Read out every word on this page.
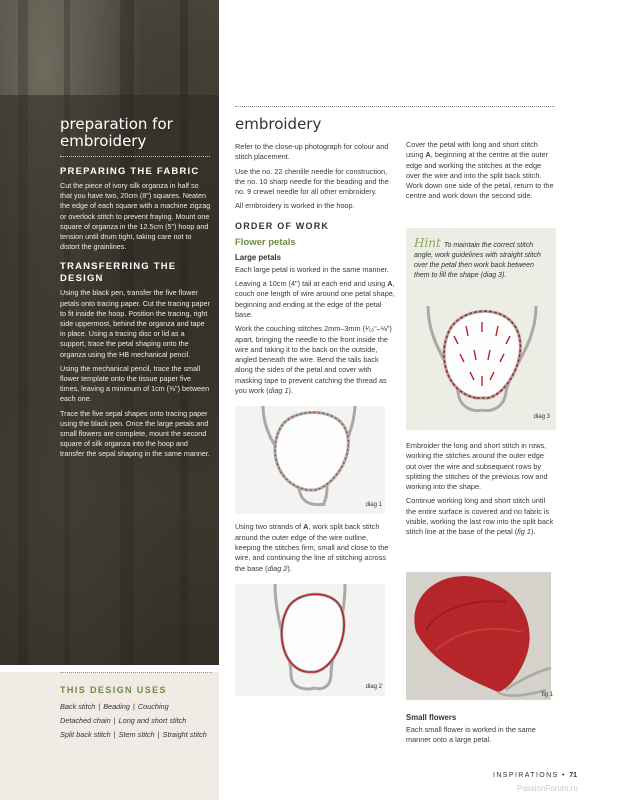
preparation for
embroidery
PREPARING THE FABRIC
Cut the piece of ivory silk organza in half so that you have two, 20cm (8") squares. Neaten the edge of each square with a machine zigzag or overlock stitch to prevent fraying. Mount one square of organza in the 12.5cm (5") hoop and tension until drum tight, taking care not to distort the grainlines.
TRANSFERRING THE
DESIGN
Using the black pen, transfer the five flower petals onto tracing paper. Cut the tracing paper to fit inside the hoop. Position the tracing, right side uppermost, behind the organza and tape in place. Using a tracing disc or lid as a support, trace the petal shaping onto the organza using the HB mechanical pencil.
Using the mechanical pencil, trace the small flower template onto the tissue paper five times, leaving a minimum of 1cm (⅜") between each one.
Trace the five sepal shapes onto tracing paper using the black pen. Once the large petals and small flowers are complete, mount the second square of silk organza into the hoop and transfer the sepal shaping in the same manner.
THIS DESIGN USES
Back stitch | Beading | Couching
Detached chain | Long and short stitch
Split back stitch | Stem stitch | Straight stitch
embroidery
Refer to the close-up photograph for colour and stitch placement.
Use the no. 22 chenille needle for construction, the no. 10 sharp needle for the beading and the no. 9 crewel needle for all other embroidery.
All embroidery is worked in the hoop.
ORDER OF WORK
Flower petals
Large petals
Each large petal is worked in the same manner.
Leaving a 10cm (4") tail at each end and using A, couch one length of wire around one petal shape, beginning and ending at the edge of the petal base.
Work the couching stitches 2mm–3mm (¹⁄₁₆"–⅛") apart, bringing the needle to the front inside the wire and taking it to the back on the outside, angled beneath the wire. Bend the tails back along the sides of the petal and cover with masking tape to prevent catching the thread as you work (diag 1).
diag 1
Using two strands of A, work split back stitch around the outer edge of the wire outline, keeping the stitches firm, small and close to the wire, and continuing the line of stitching across the base (diag 2).
diag 2
Cover the petal with long and short stitch using A, beginning at the centre at the outer edge and working the stitches at the edge over the wire and into the split back stitch. Work down one side of the petal, return to the centre and work down the second side.
Hint To maintain the correct stitch angle, work guidelines with straight stitch over the petal then work back between them to fill the shape (diag 3).
diag 3
Embroider the long and short stitch in rows, working the stitches around the outer edge out over the wire and subsequent rows by splitting the stitches of the previous row and working into the shape.
Continue working long and short stitch until the entire surface is covered and no fabric is visible, working the last row into the split back stitch line at the base of the petal (fig 1).
fig 1
Small flowers
Each small flower is worked in the same manner onto a large petal.
INSPIRATIONS • 71
PassionForum.ru
